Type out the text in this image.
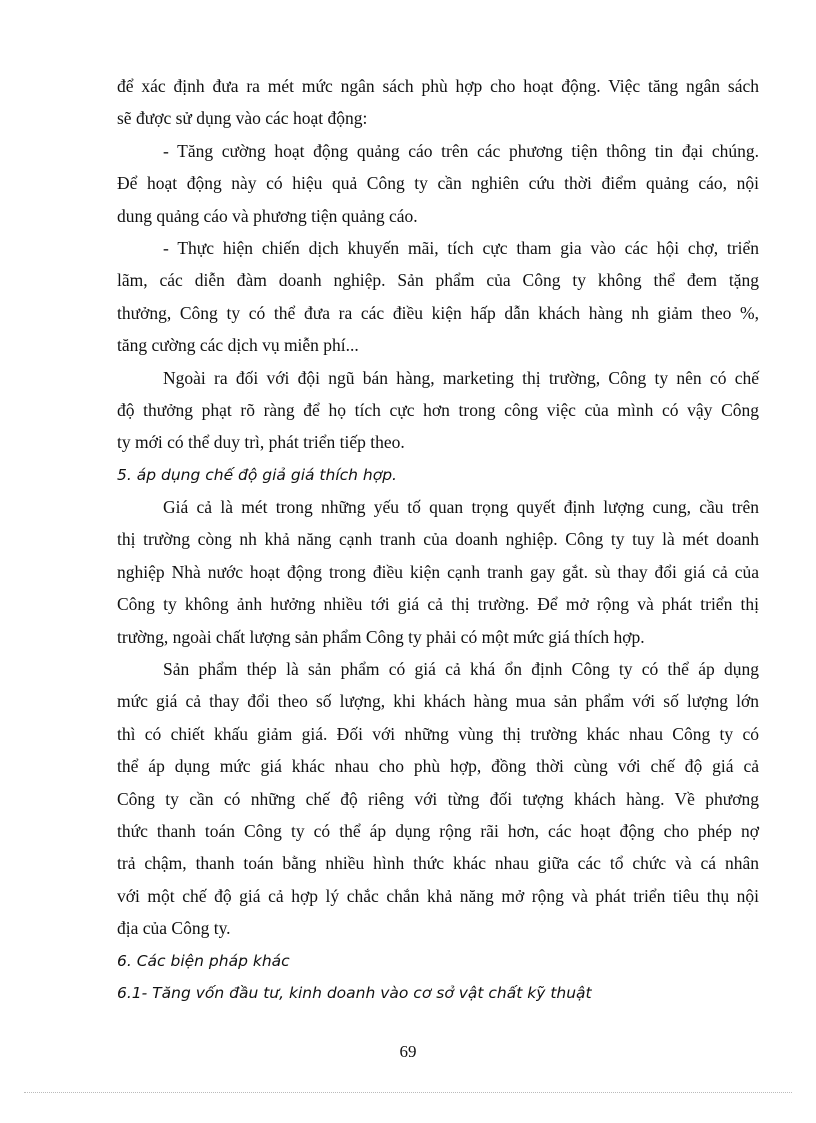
để xác định đưa ra mét mức ngân sách phù hợp cho hoạt động. Việc tăng ngân sách
sẽ được sử dụng vào các hoạt động:
- Tăng cường hoạt động quảng cáo trên các phương tiện thông tin đại chúng.
Để hoạt động này có hiệu quả Công ty cần nghiên cứu thời điểm quảng cáo, nội
dung quảng cáo và phương tiện quảng cáo.
- Thực hiện chiến dịch khuyến mãi, tích cực tham gia vào các hội chợ, triển
lãm, các diễn đàm doanh nghiệp. Sản phẩm của Công ty không thể đem tặng
thưởng, Công ty có thể đưa ra các điều kiện hấp dẫn khách hàng nh giảm theo %,
tăng cường các dịch vụ miễn phí...
Ngoài ra đối với đội ngũ bán hàng, marketing thị trường, Công ty nên có chế
độ thưởng phạt rõ ràng để họ tích cực hơn trong công việc của mình có vậy Công
ty mới có thể duy trì, phát triển tiếp theo.
5. áp dụng chế độ giả giá thích hợp.
Giá cả là mét trong những yếu tố quan trọng quyết định lượng cung, cầu trên
thị trường còng nh khả năng cạnh tranh của doanh nghiệp. Công ty tuy là mét doanh
nghiệp Nhà nước hoạt động trong điều kiện cạnh tranh gay gắt. sù thay đổi giá cả của
Công ty không ảnh hưởng nhiều tới giá cả thị trường. Để mở rộng và phát triển thị
trường, ngoài chất lượng sản phẩm Công ty phải có một mức giá thích hợp.
Sản phẩm thép là sản phẩm có giá cả khá ổn định Công ty có thể áp dụng
mức giá cả thay đổi theo số lượng, khi khách hàng mua sản phẩm với số lượng lớn
thì có chiết khấu giảm giá. Đối với những vùng thị trường khác nhau Công ty có
thể áp dụng mức giá khác nhau cho phù hợp, đồng thời cùng với chế độ giá cả
Công ty cần có những chế độ riêng với từng đối tượng khách hàng. Về phương
thức thanh toán Công ty có thể áp dụng rộng rãi hơn, các hoạt động cho phép nợ
trả chậm, thanh toán bằng nhiều hình thức khác nhau giữa các tổ chức và cá nhân
với một chế độ giá cả hợp lý chắc chắn khả năng mở rộng và phát triển tiêu thụ nội
địa của Công ty.
6. Các biện pháp khác
6.1- Tăng vốn đầu tư, kinh doanh vào cơ sở vật chất kỹ thuật
69
